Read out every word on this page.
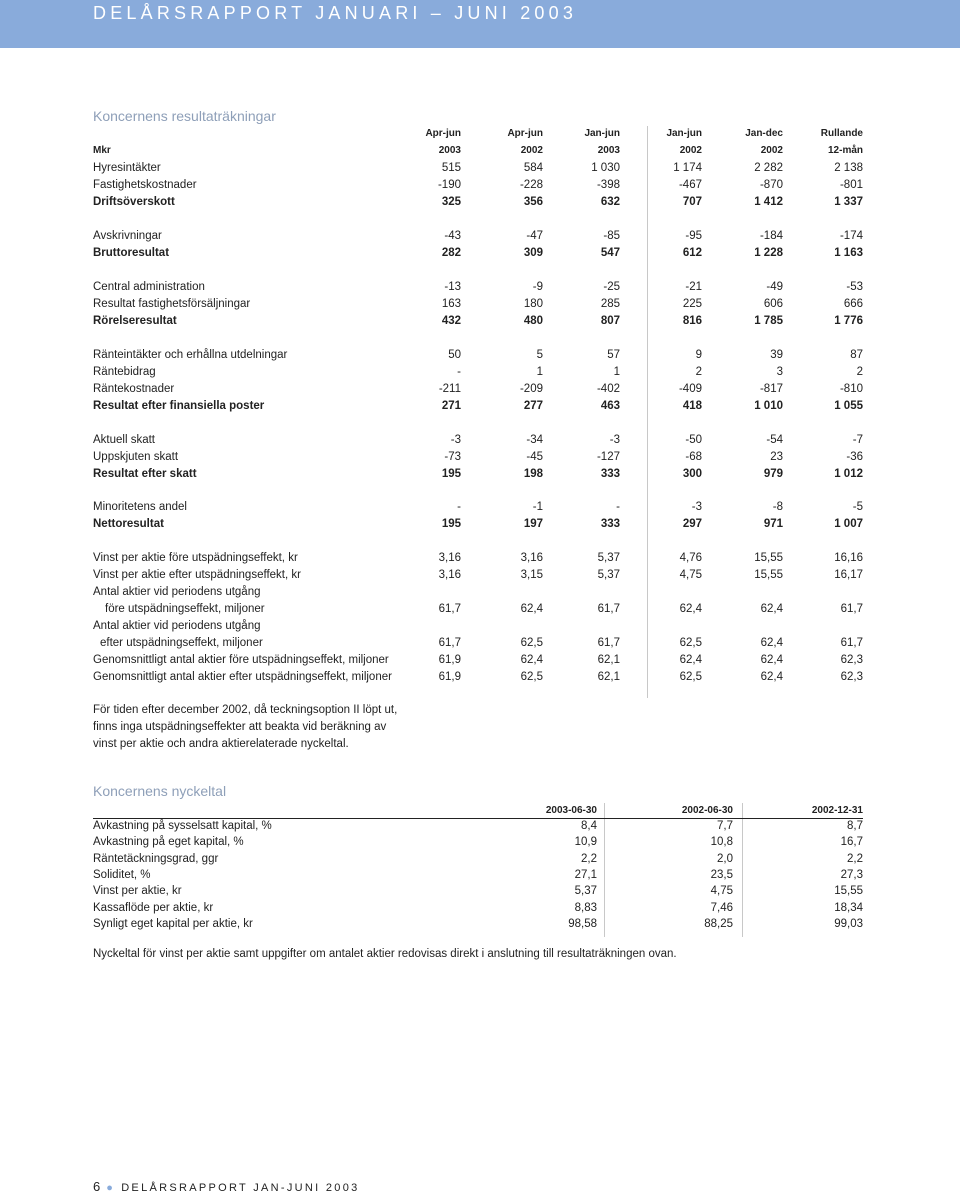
DELÅRSRAPPORT JANUARI – JUNI 2003
Koncernens resultaträkningar
Apr-jun	Apr-jun	Jan-jun	Jan-jun	Jan-dec	Rullande
Mkr	2003	2002	2003	2002	2002	12-mån
Hyresintäkter	515	584	1 030	1 174	2 282	2 138
Fastighetskostnader	-190	-228	-398	-467	-870	-801
Driftsöverskott	325	356	632	707	1 412	1 337
Avskrivningar	-43	-47	-85	-95	-184	-174
Bruttoresultat	282	309	547	612	1 228	1 163
Central administration	-13	-9	-25	-21	-49	-53
Resultat fastighetsförsäljningar	163	180	285	225	606	666
Rörelseresultat	432	480	807	816	1 785	1 776
Ränteintäkter och erhållna utdelningar	50	5	57	9	39	87
Räntebidrag	-	1	1	2	3	2
Räntekostnader	-211	-209	-402	-409	-817	-810
Resultat efter finansiella poster	271	277	463	418	1 010	1 055
Aktuell skatt	-3	-34	-3	-50	-54	-7
Uppskjuten skatt	-73	-45	-127	-68	23	-36
Resultat efter skatt	195	198	333	300	979	1 012
Minoritetens andel	-	-1	-	-3	-8	-5
Nettoresultat	195	197	333	297	971	1 007
Vinst per aktie före utspädningseffekt, kr	3,16	3,16	5,37	4,76	15,55	16,16
Vinst per aktie efter utspädningseffekt, kr	3,16	3,15	5,37	4,75	15,55	16,17
Antal aktier vid periodens utgång
före utspädningseffekt, miljoner	61,7	62,4	61,7	62,4	62,4	61,7
Antal aktier vid periodens utgång
efter utspädningseffekt, miljoner	61,7	62,5	61,7	62,5	62,4	61,7
Genomsnittligt antal aktier före utspädningseffekt, miljoner	61,9	62,4	62,1	62,4	62,4	62,3
Genomsnittligt antal aktier efter utspädningseffekt, miljoner	61,9	62,5	62,1	62,5	62,4	62,3
För tiden efter december 2002, då teckningsoption II löpt ut,
finns inga utspädningseffekter att beakta vid beräkning av
vinst per aktie och andra aktierelaterade nyckeltal.
Koncernens nyckeltal
2003-06-30	2002-06-30	2002-12-31
Avkastning på sysselsatt kapital, %	8,4	7,7	8,7
Avkastning på eget kapital, %	10,9	10,8	16,7
Räntetäckningsgrad, ggr	2,2	2,0	2,2
Soliditet, %	27,1	23,5	27,3
Vinst per aktie, kr	5,37	4,75	15,55
Kassaflöde per aktie, kr	8,83	7,46	18,34
Synligt eget kapital per aktie, kr	98,58	88,25	99,03
Nyckeltal för vinst per aktie samt uppgifter om antalet aktier redovisas direkt i anslutning till resultaträkningen ovan.
6 ● DELÅRSRAPPORT JAN-JUNI 2003
